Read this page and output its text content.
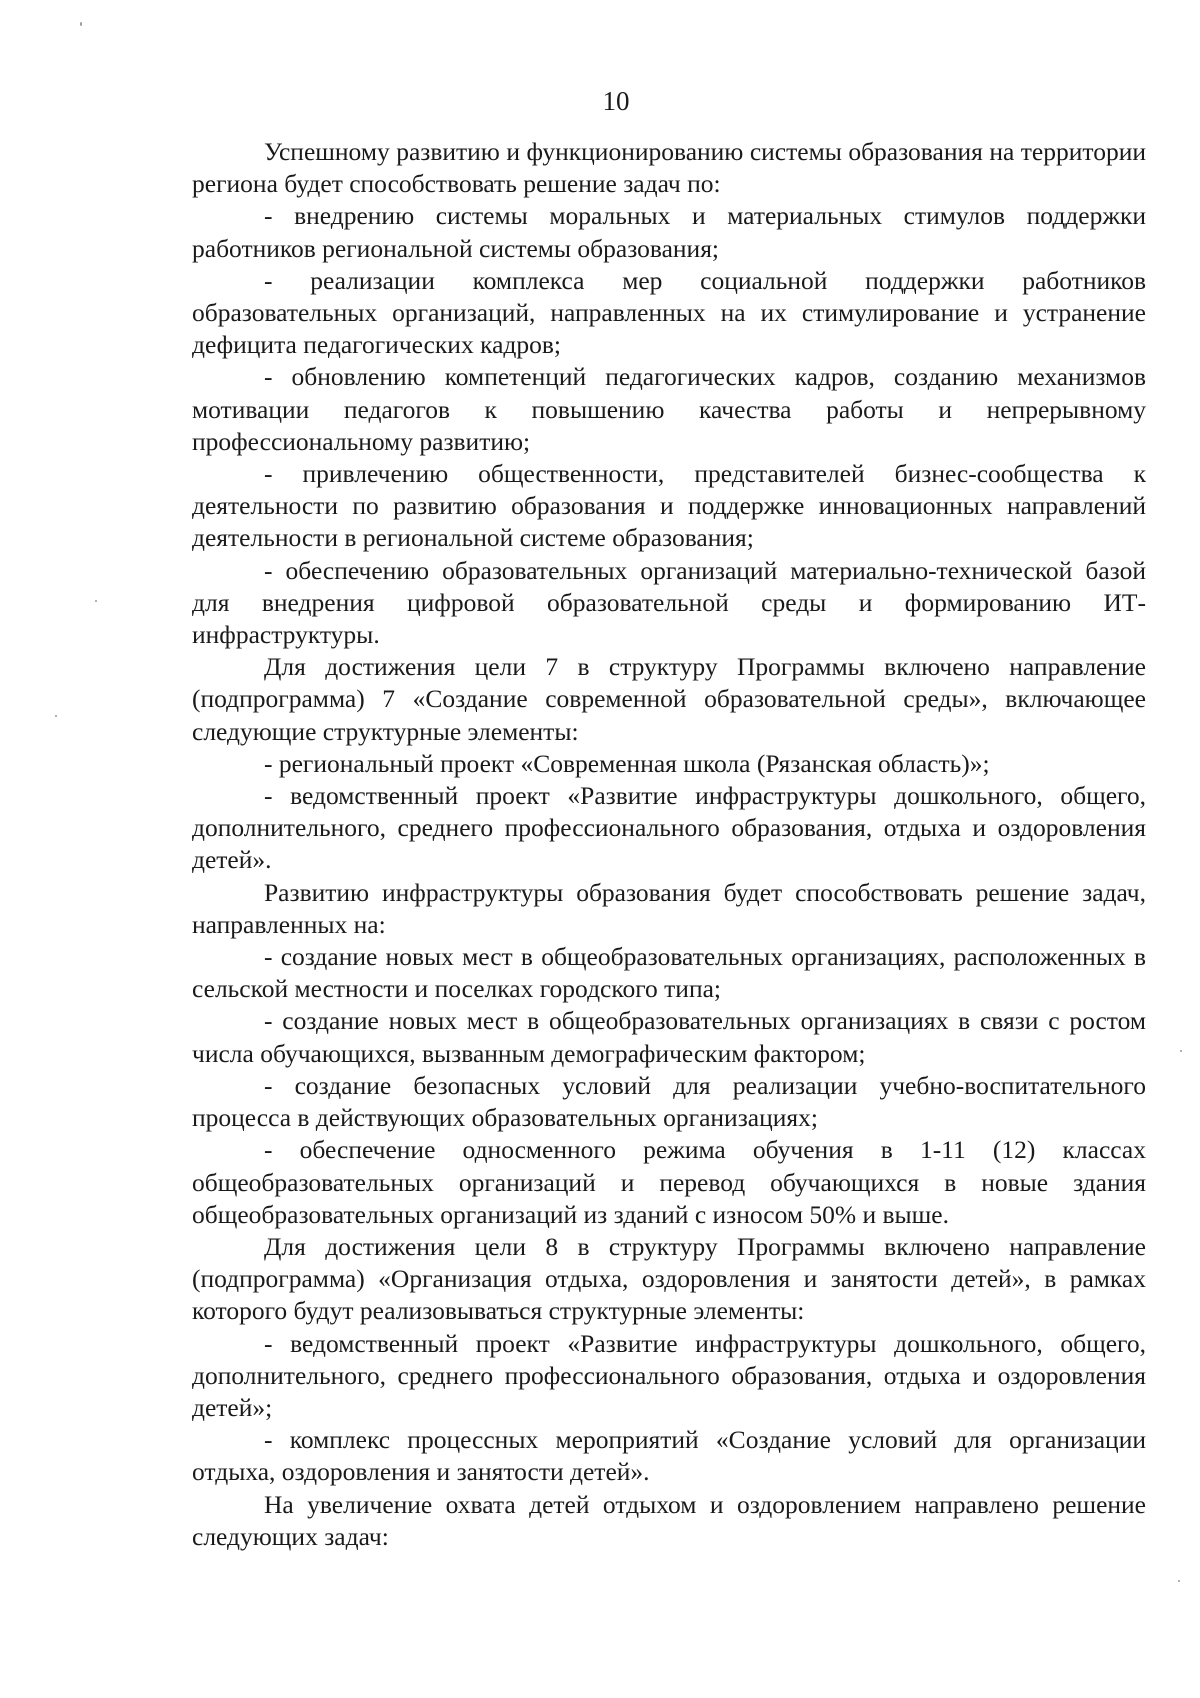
10

Успешному развитию и функционированию системы образования на территории региона будет способствовать решение задач по:

- внедрению системы моральных и материальных стимулов поддержки работников региональной системы образования;

- реализации комплекса мер социальной поддержки работников образовательных организаций, направленных на их стимулирование и устранение дефицита педагогических кадров;

- обновлению компетенций педагогических кадров, созданию механизмов мотивации педагогов к повышению качества работы и непрерывному профессиональному развитию;

- привлечению общественности, представителей бизнес-сообщества к деятельности по развитию образования и поддержке инновационных направлений деятельности в региональной системе образования;

- обеспечению образовательных организаций материально-технической базой для внедрения цифровой образовательной среды и формированию ИТ-инфраструктуры.

Для достижения цели 7 в структуру Программы включено направление (подпрограмма) 7 «Создание современной образовательной среды», включающее следующие структурные элементы:

- региональный проект «Современная школа (Рязанская область)»;

- ведомственный проект «Развитие инфраструктуры дошкольного, общего, дополнительного, среднего профессионального образования, отдыха и оздоровления детей».

Развитию инфраструктуры образования будет способствовать решение задач, направленных на:

- создание новых мест в общеобразовательных организациях, расположенных в сельской местности и поселках городского типа;

- создание новых мест в общеобразовательных организациях в связи с ростом числа обучающихся, вызванным демографическим фактором;

- создание безопасных условий для реализации учебно-воспитательного процесса в действующих образовательных организациях;

- обеспечение односменного режима обучения в 1-11 (12) классах общеобразовательных организаций и перевод обучающихся в новые здания общеобразовательных организаций из зданий с износом 50% и выше.

Для достижения цели 8 в структуру Программы включено направление (подпрограмма) «Организация отдыха, оздоровления и занятости детей», в рамках которого будут реализовываться структурные элементы:

- ведомственный проект «Развитие инфраструктуры дошкольного, общего, дополнительного, среднего профессионального образования, отдыха и оздоровления детей»;

- комплекс процессных мероприятий «Создание условий для организации отдыха, оздоровления и занятости детей».

На увеличение охвата детей отдыхом и оздоровлением направлено решение следующих задач:
